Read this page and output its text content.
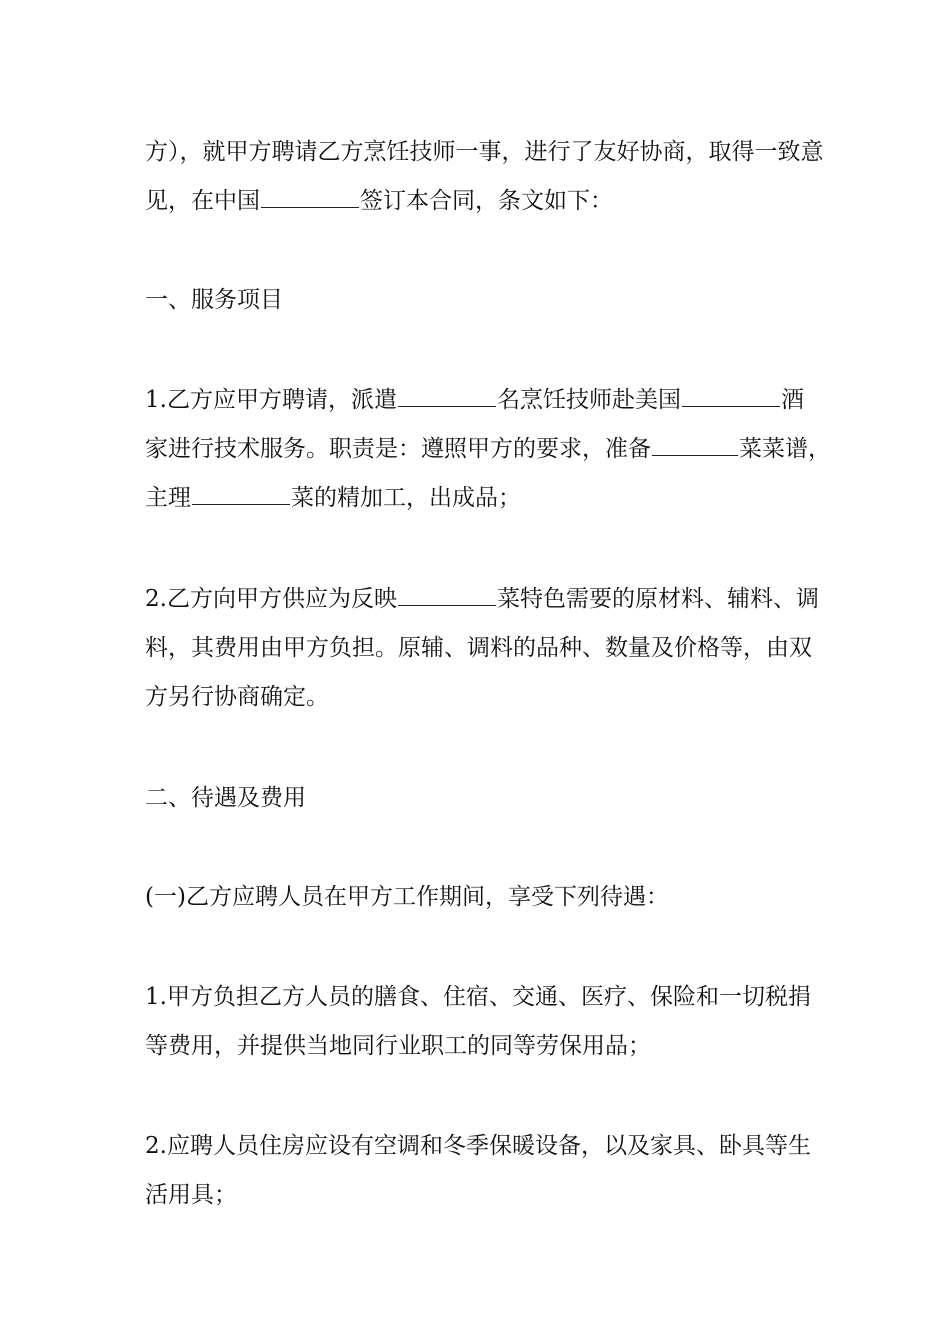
方），就甲方聘请乙方烹饪技师一事，进行了友好协商，取得一致意
见，在中国	签订本合同，条文如下：
一、服务项目
1.乙方应甲方聘请，派遣	名烹饪技师赴美国	酒
家进行技术服务。职责是：遵照甲方的要求，准备	菜菜谱，
主理	菜的精加工，出成品；
2.乙方向甲方供应为反映	菜特色需要的原材料、辅料、调
料，其费用由甲方负担。原辅、调料的品种、数量及价格等，由双
方另行协商确定。
二、待遇及费用
(一)乙方应聘人员在甲方工作期间，享受下列待遇：
1.甲方负担乙方人员的膳食、住宿、交通、医疗、保险和一切税捐
等费用，并提供当地同行业职工的同等劳保用品；
2.应聘人员住房应设有空调和冬季保暖设备，以及家具、卧具等生
活用具；
